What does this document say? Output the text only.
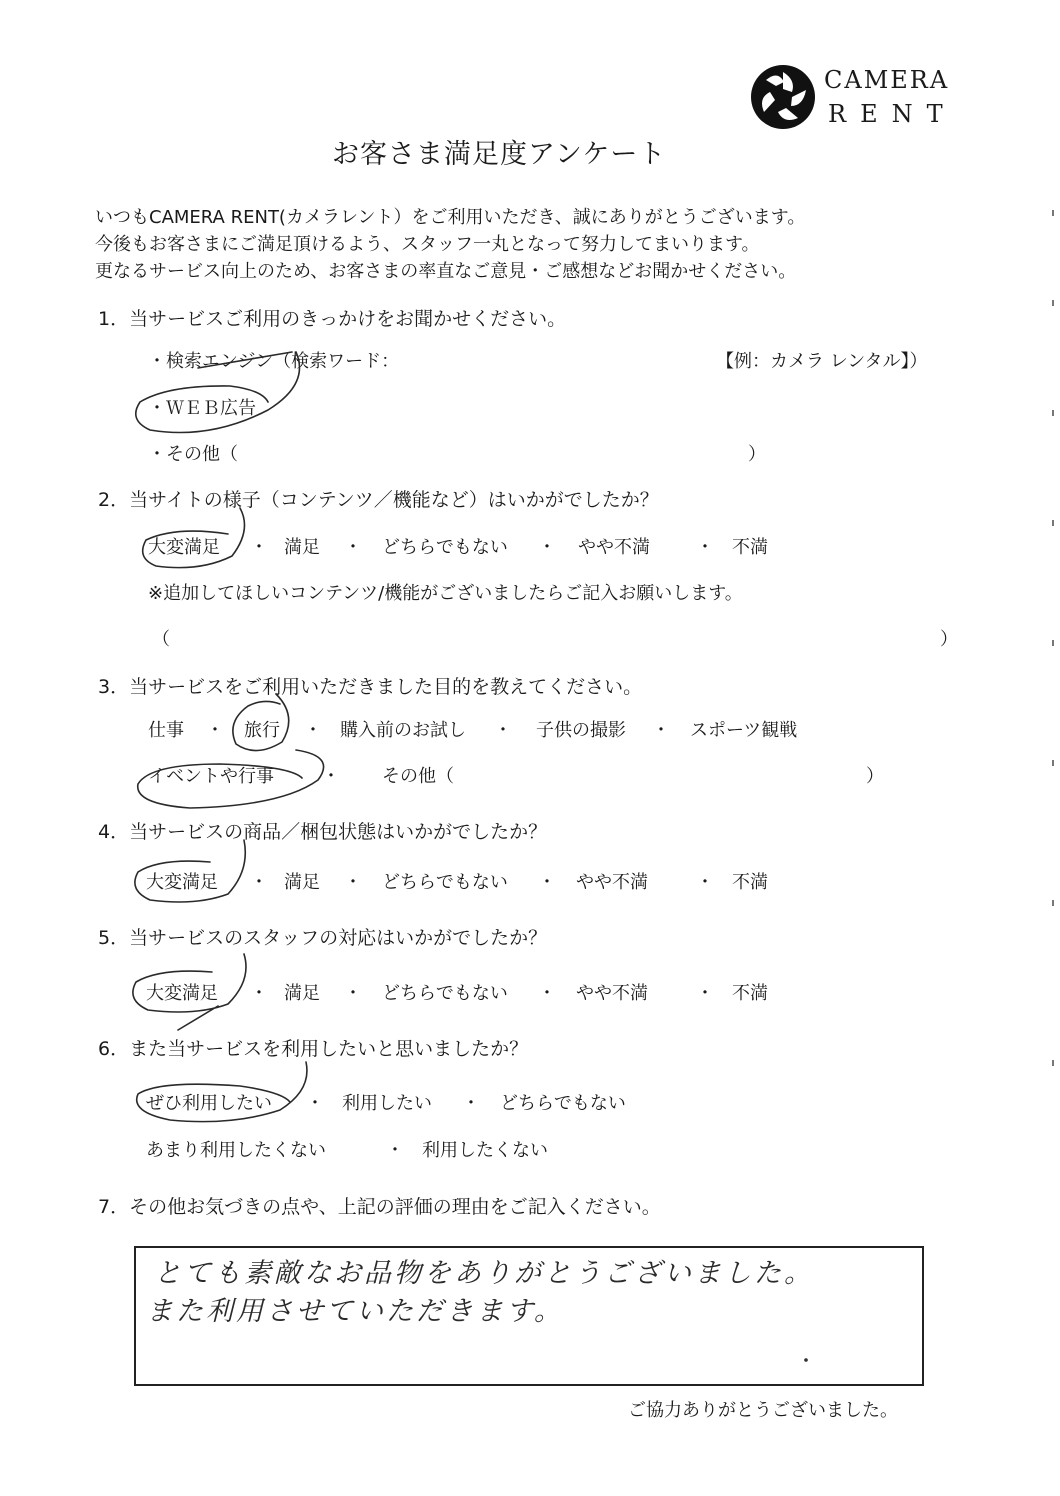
CAMERA
RENT
お客さま満足度アンケート
いつもCAMERA RENT(カメラレント）をご利用いただき、誠にありがとうございます。
今後もお客さまにご満足頂けるよう、スタッフ一丸となって努力してまいります。
更なるサービス向上のため、お客さまの率直なご意見・ご感想などお聞かせください。
1．当サービスご利用のきっかけをお聞かせください。
・検索エンジン（検索ワード：	【例：カメラ レンタル】）
・ＷＥＢ広告
・その他（	）
2．当サイトの様子（コンテンツ／機能など）はいかがでしたか？
大変満足 ・ 満足 ・ どちらでもない ・ やや不満	・ 不満
※追加してほしいコンテンツ/機能がございましたらご記入お願いします。
（	）
3．当サービスをご利用いただきました目的を教えてください。
仕事 ・ 旅行 ・ 購入前のお試し ・ 子供の撮影 ・ スポーツ観戦
イベントや行事	・ その他（	）
4．当サービスの商品／梱包状態はいかがでしたか？
大変満足 ・ 満足 ・ どちらでもない ・ やや不満	・ 不満
5．当サービスのスタッフの対応はいかがでしたか？
大変満足 ・ 満足 ・ どちらでもない ・ やや不満	・ 不満
6．また当サービスを利用したいと思いましたか？
ぜひ利用したい ・ 利用したい ・ どちらでもない
あまり利用したくない	・ 利用したくない
7．その他お気づきの点や、上記の評価の理由をご記入ください。
とても素敵なお品物をありがとうございました。
また利用させていただきます。
ご協力ありがとうございました。
